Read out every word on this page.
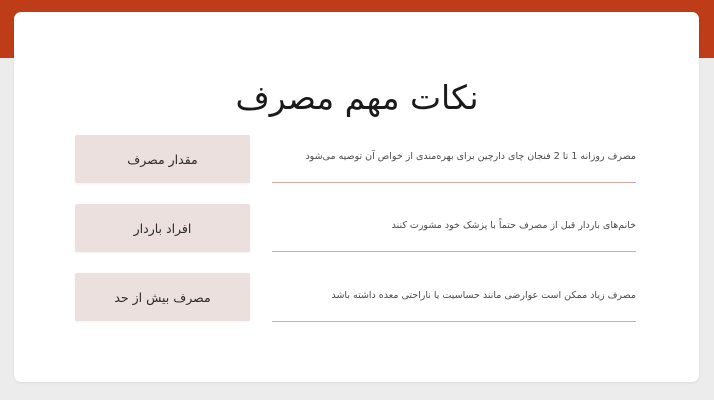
نکات مهم مصرف
مقدار مصرف	مصرف روزانه 1 تا 2 فنجان چای دارچین برای بهره‌مندی از خواص آن توصیه می‌شود
افراد باردار	خانم‌های باردار قبل از مصرف حتماً با پزشک خود مشورت کنند
مصرف بیش از حد	مصرف زیاد ممکن است عوارضی مانند حساسیت یا ناراحتی معده داشته باشد
